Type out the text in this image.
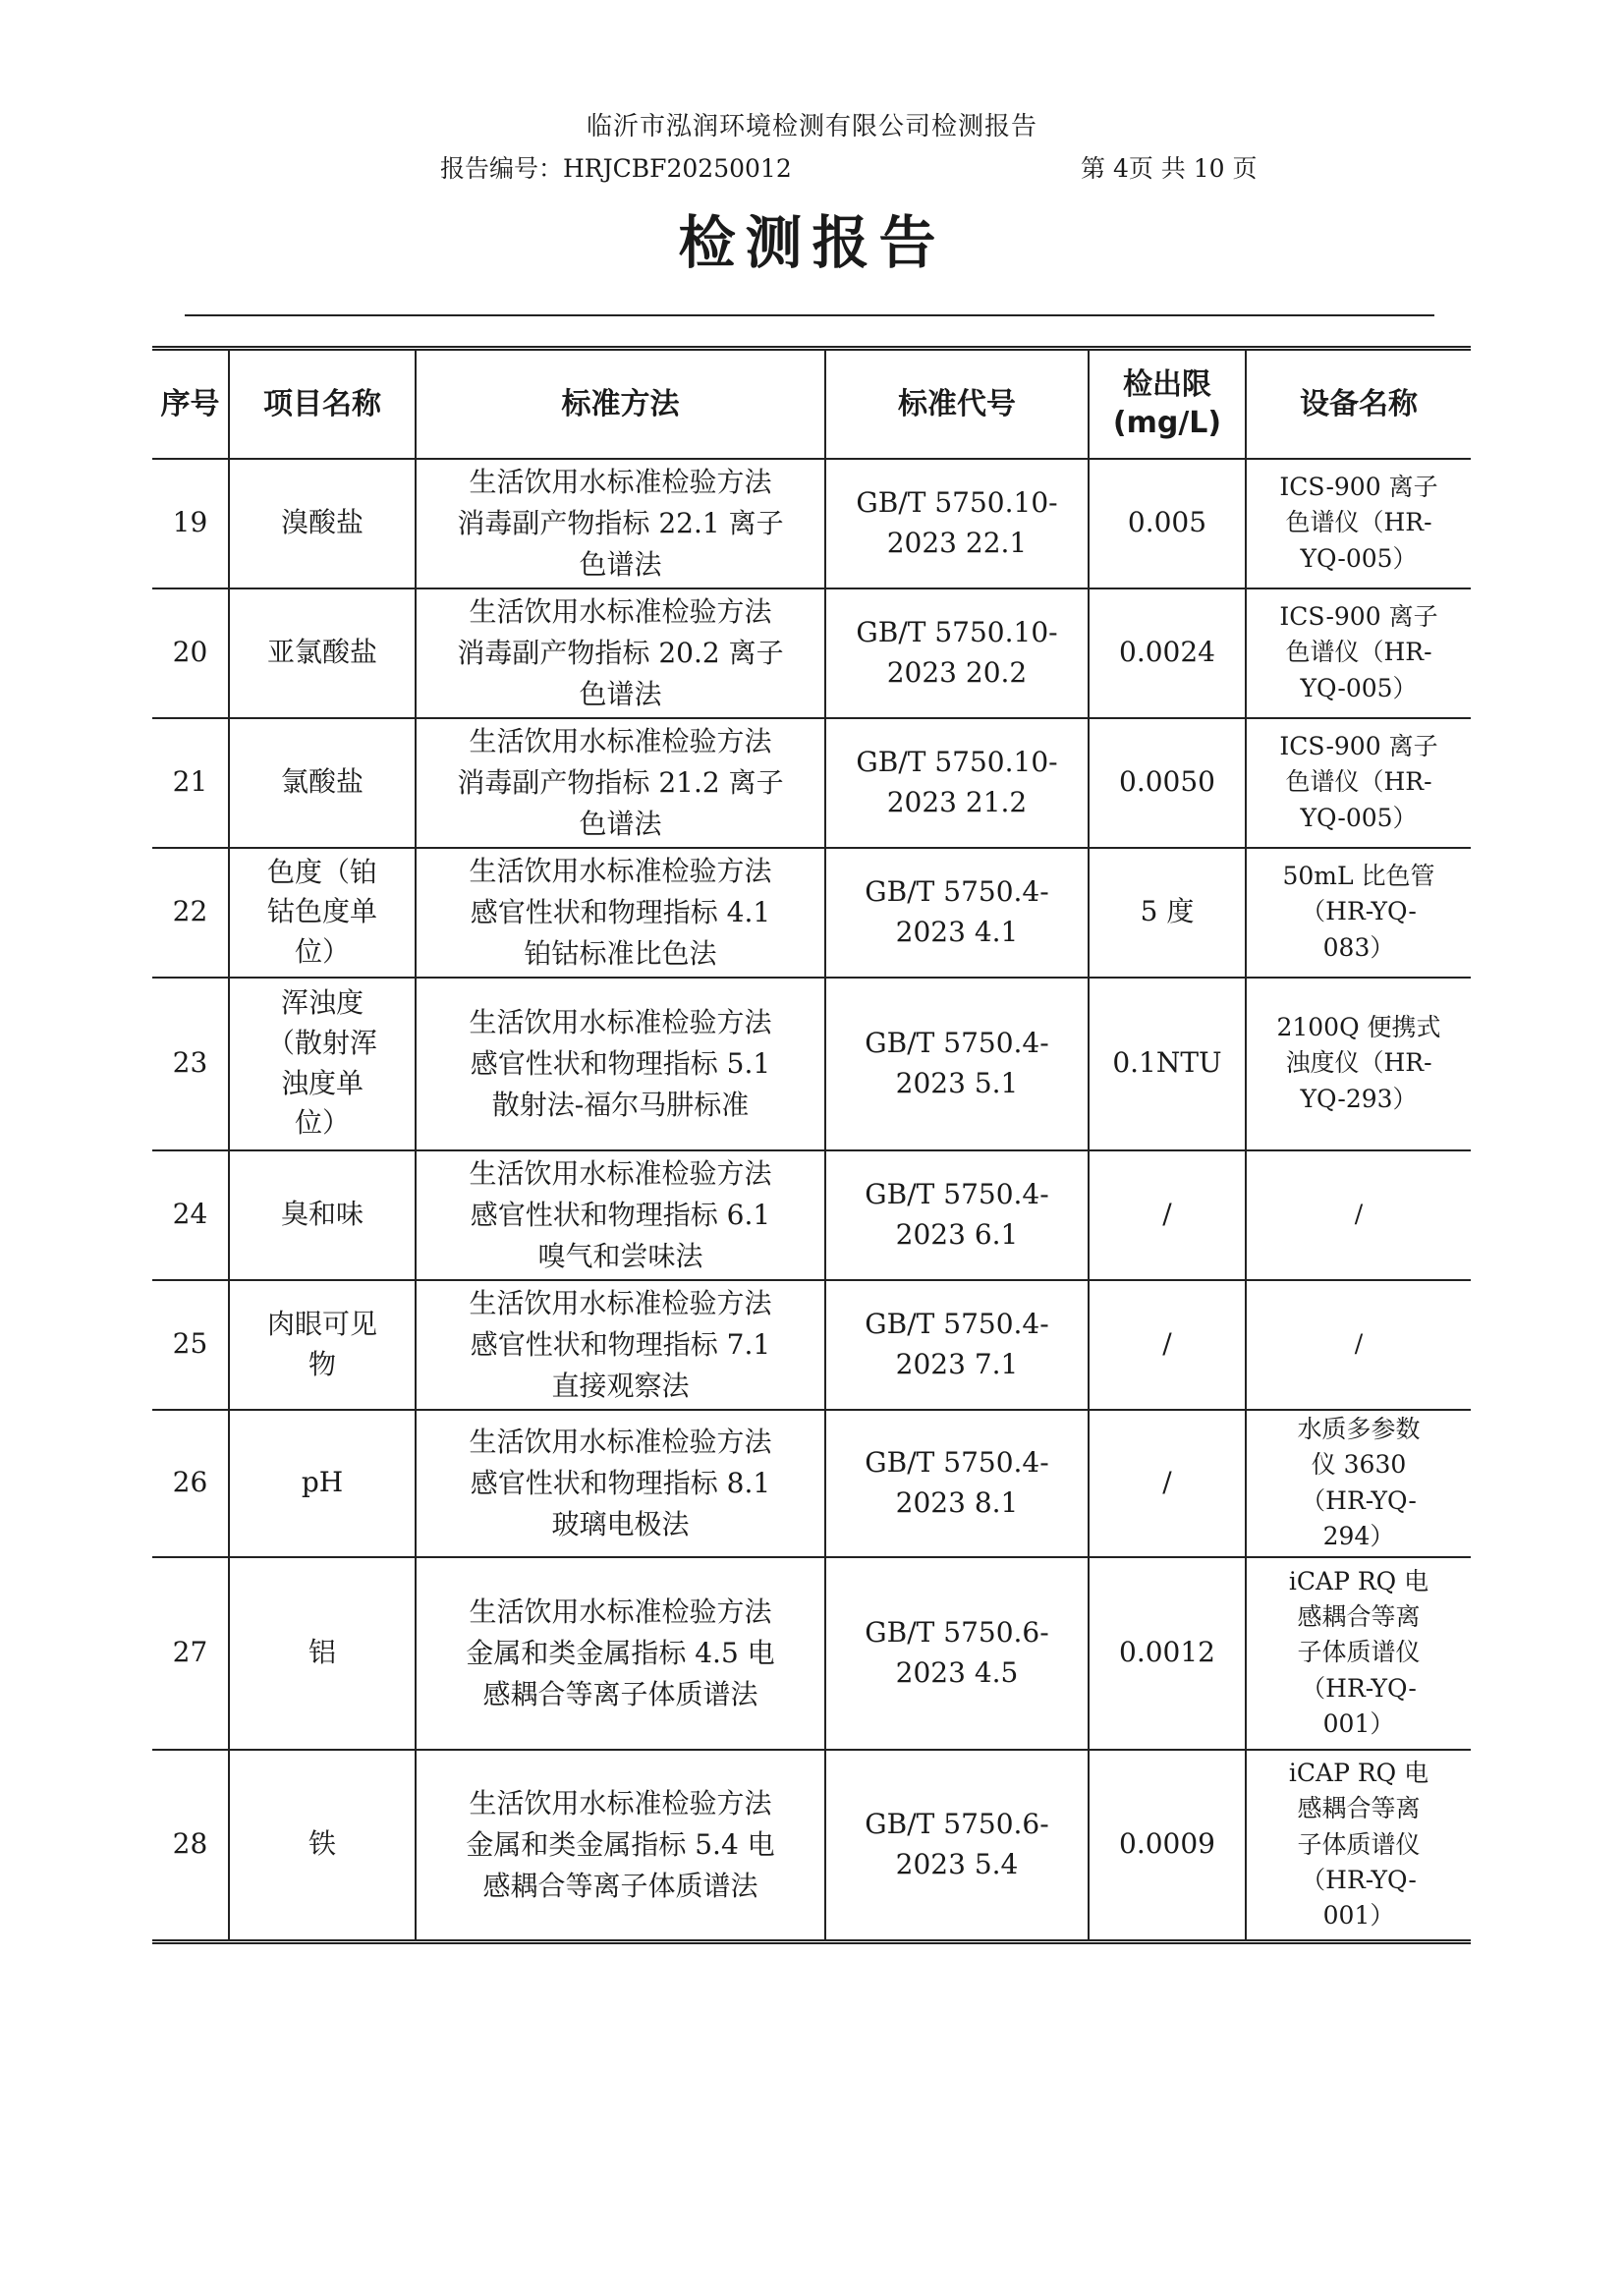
临沂市泓润环境检测有限公司检测报告
报告编号：HRJCBF20250012	第 4页 共 10 页
检测报告
序号	项目名称	标准方法	标准代号	检出限
(mg/L)	设备名称
19	溴酸盐	生活饮用水标准检验方法
消毒副产物指标 22.1 离子
色谱法	GB/T 5750.10-
2023 22.1	0.005	ICS-900 离子
色谱仪（HR-
YQ-005）
20	亚氯酸盐	生活饮用水标准检验方法
消毒副产物指标 20.2 离子
色谱法	GB/T 5750.10-
2023 20.2	0.0024	ICS-900 离子
色谱仪（HR-
YQ-005）
21	氯酸盐	生活饮用水标准检验方法
消毒副产物指标 21.2 离子
色谱法	GB/T 5750.10-
2023 21.2	0.0050	ICS-900 离子
色谱仪（HR-
YQ-005）
22	色度（铂
钴色度单
位）	生活饮用水标准检验方法
感官性状和物理指标 4.1
铂钴标准比色法	GB/T 5750.4-
2023 4.1	5 度	50mL 比色管
（HR-YQ-
083）
23	浑浊度
（散射浑
浊度单
位）	生活饮用水标准检验方法
感官性状和物理指标 5.1
散射法-福尔马肼标准	GB/T 5750.4-
2023 5.1	0.1NTU	2100Q 便携式
浊度仪（HR-
YQ-293）
24	臭和味	生活饮用水标准检验方法
感官性状和物理指标 6.1
嗅气和尝味法	GB/T 5750.4-
2023 6.1	/	/
25	肉眼可见
物	生活饮用水标准检验方法
感官性状和物理指标 7.1
直接观察法	GB/T 5750.4-
2023 7.1	/	/
26	pH	生活饮用水标准检验方法
感官性状和物理指标 8.1
玻璃电极法	GB/T 5750.4-
2023 8.1	/	水质多参数
仪 3630
（HR-YQ-
294）
27	铝	生活饮用水标准检验方法
金属和类金属指标 4.5 电
感耦合等离子体质谱法	GB/T 5750.6-
2023 4.5	0.0012	iCAP RQ 电
感耦合等离
子体质谱仪
（HR-YQ-
001）
28	铁	生活饮用水标准检验方法
金属和类金属指标 5.4 电
感耦合等离子体质谱法	GB/T 5750.6-
2023 5.4	0.0009	iCAP RQ 电
感耦合等离
子体质谱仪
（HR-YQ-
001）
